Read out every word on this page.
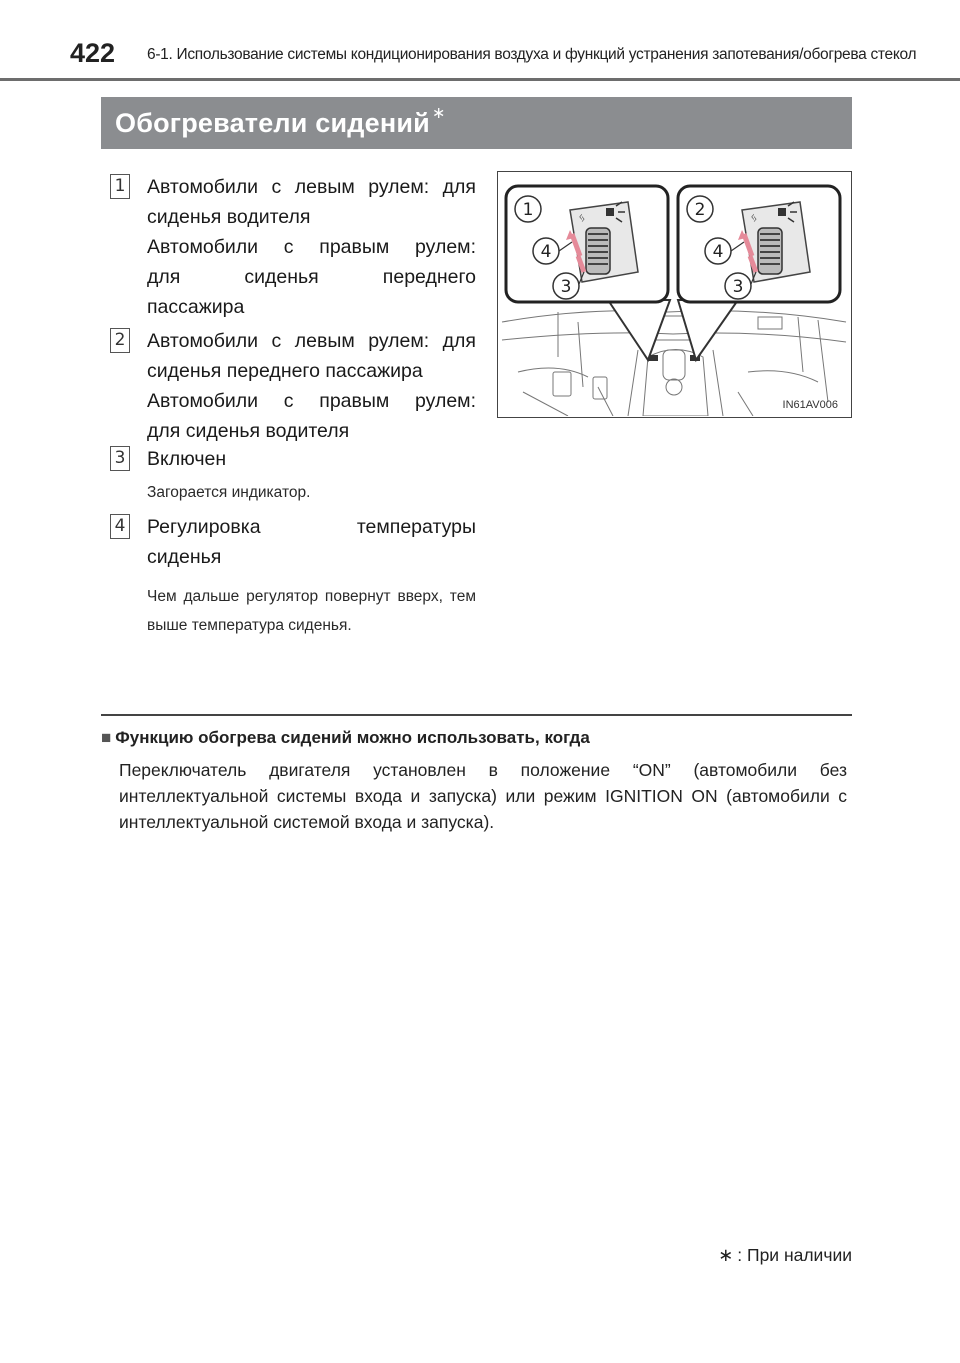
422 6-1. Использование системы кондиционирования воздуха и функций устранения запотевания/обогрева стекол
Обогреватели сидений ∗
1 Автомобили с левым рулем: для
сиденья водителя
Автомобили с правым рулем:
для сиденья переднего
пассажира
2 Автомобили с левым рулем: для
сиденья переднего пассажира
Автомобили с правым рулем:
для сиденья водителя
3 Включен
Загорается индикатор.
4 Регулировка температуры
сиденья
Чем дальше регулятор повернут вверх, тем выше температура сиденья.
ᛃ	ᛃ
1	2
4	4
3	3
IN61AV006
■ Функцию обогрева сидений можно использовать, когда
Переключатель двигателя установлен в положение “ON” (автомобили без интеллектуальной системы входа и запуска) или режим IGNITION ON (автомобили с интеллектуальной системой входа и запуска).
∗ : При наличии
